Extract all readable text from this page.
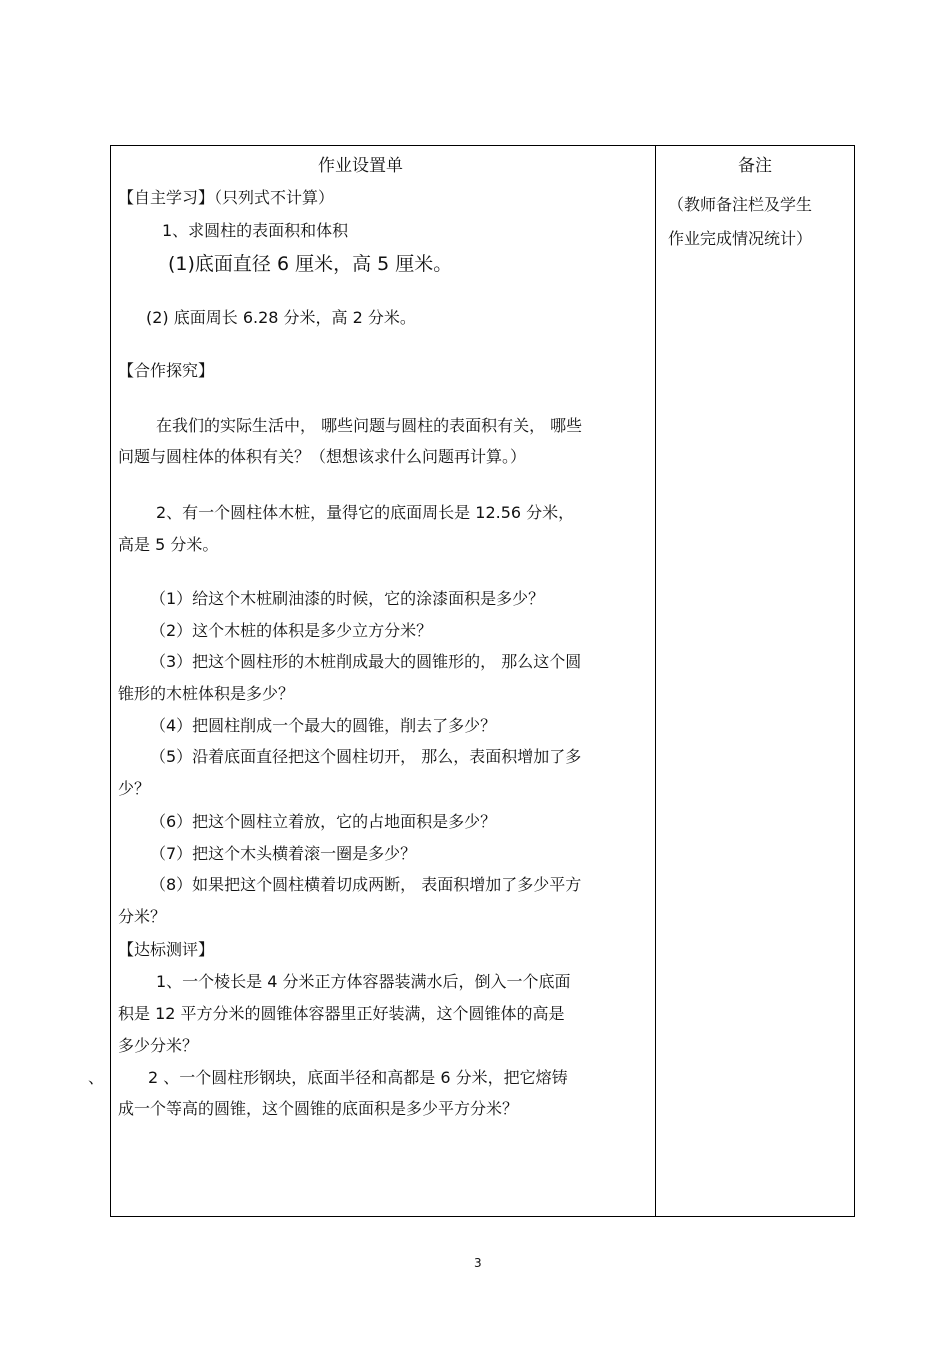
作业设置单
【自主学习】（只列式不计算）
1、求圆柱的表面积和体积
(1)底面直径 6 厘米，高 5 厘米。
(2) 底面周长 6.28 分米，高 2 分米。
【合作探究】
在我们的实际生活中， 哪些问题与圆柱的表面积有关， 哪些
问题与圆柱体的体积有关？（想想该求什么问题再计算。）
2、有一个圆柱体木桩，量得它的底面周长是 12.56 分米，
高是 5 分米。
（1）给这个木桩刷油漆的时候，它的涂漆面积是多少？
（2）这个木桩的体积是多少立方分米？
（3）把这个圆柱形的木桩削成最大的圆锥形的， 那么这个圆
锥形的木桩体积是多少？
（4）把圆柱削成一个最大的圆锥，削去了多少？
（5）沿着底面直径把这个圆柱切开， 那么，表面积增加了多
少？
（6）把这个圆柱立着放，它的占地面积是多少？
（7）把这个木头横着滚一圈是多少？
（8）如果把这个圆柱横着切成两断， 表面积增加了多少平方
分米？
【达标测评】
1、一个棱长是 4 分米正方体容器装满水后，倒入一个底面
积是 12 平方分米的圆锥体容器里正好装满，这个圆锥体的高是
多少分米？
2 、一个圆柱形钢块，底面半径和高都是 6 分米，把它熔铸
成一个等高的圆锥，这个圆锥的底面积是多少平方分米？
、
备注
（教师备注栏及学生
作业完成情况统计）
3
